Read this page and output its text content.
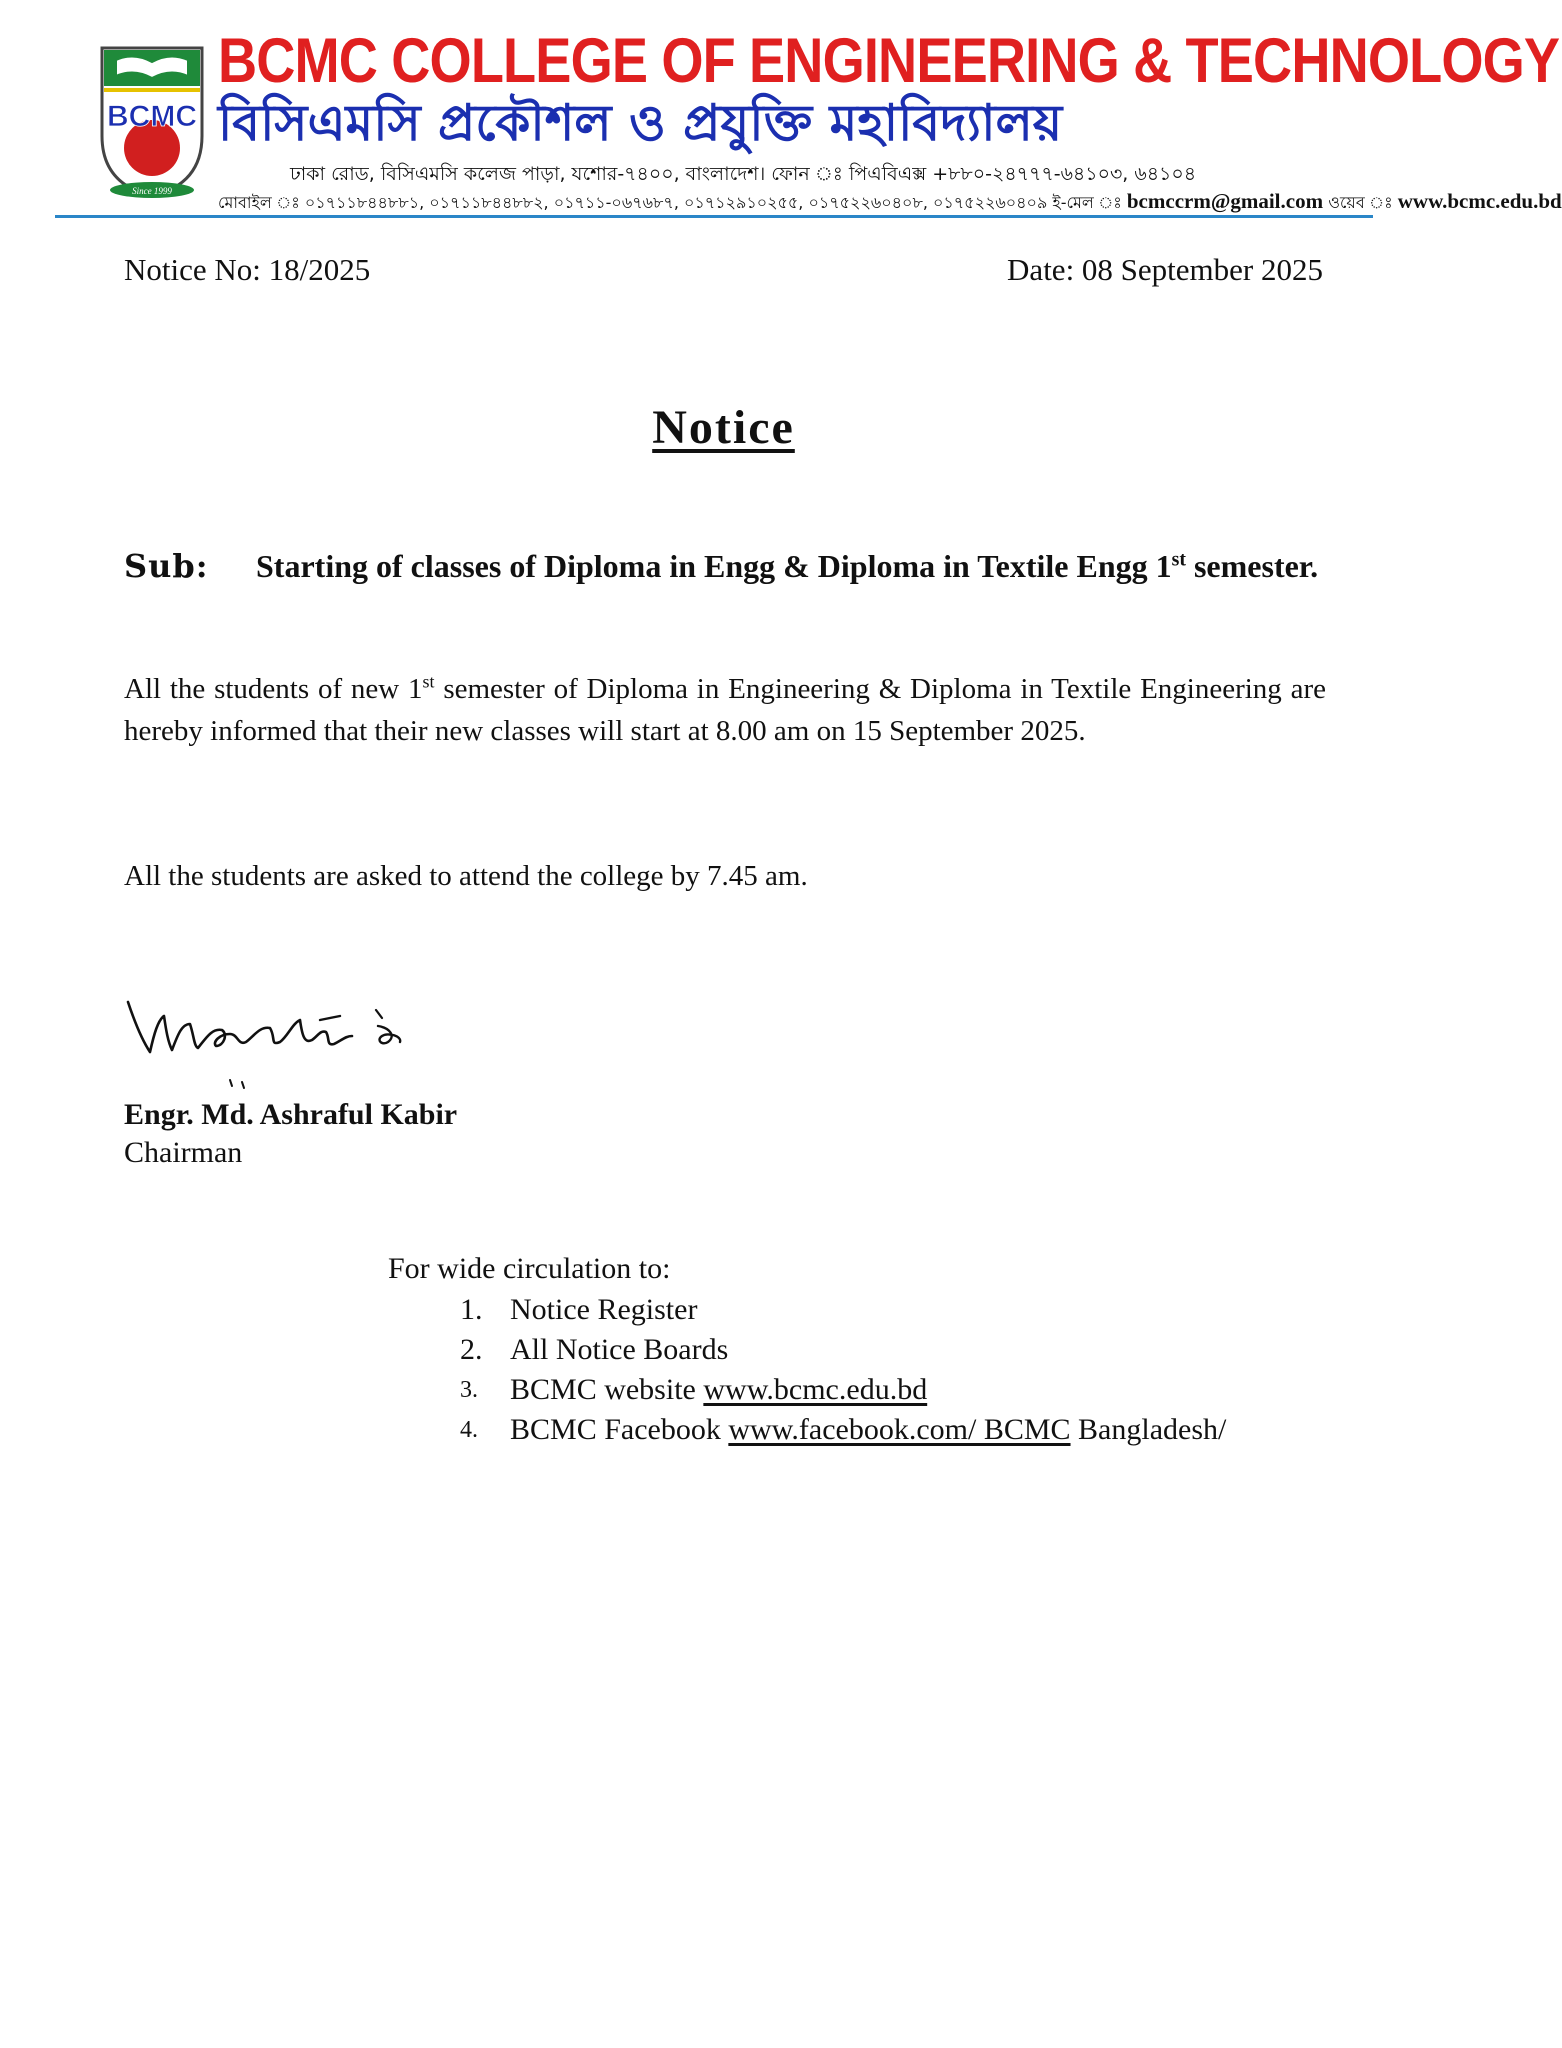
BCMC
Since 1999
BCMC COLLEGE OF ENGINEERING & TECHNOLOGY
বিসিএমসি প্রকৌশল ও প্রযুক্তি মহাবিদ্যালয়
ঢাকা রোড, বিসিএমসি কলেজ পাড়া, যশোর-৭৪০০, বাংলাদেশ। ফোন ঃ পিএবিএক্স +৮৮০-২৪৭৭৭-৬৪১০৩, ৬৪১০৪
মোবাইল ঃ ০১৭১১৮৪৪৮৮১, ০১৭১১৮৪৪৮৮২, ০১৭১১-০৬৭৬৮৭, ০১৭১২৯১০২৫৫, ০১৭৫২২৬০৪০৮, ০১৭৫২২৬০৪০৯ ই-মেল ঃ bcmccrm@gmail.com ওয়েব ঃ www.bcmc.edu.bd
Notice No: 18/2025	Date: 08 September 2025
Notice
Sub: Starting of classes of Diploma in Engg & Diploma in Textile Engg 1st semester.
All the students of new 1st semester of Diploma in Engineering & Diploma in Textile Engineering are hereby informed that their new classes will start at 8.00 am on 15 September 2025.
All the students are asked to attend the college by 7.45 am.
Engr. Md. Ashraful Kabir
Chairman
For wide circulation to:
1. Notice Register
2. All Notice Boards
3.	BCMC website www.bcmc.edu.bd
4.	BCMC Facebook www.facebook.com/ BCMC Bangladesh/
